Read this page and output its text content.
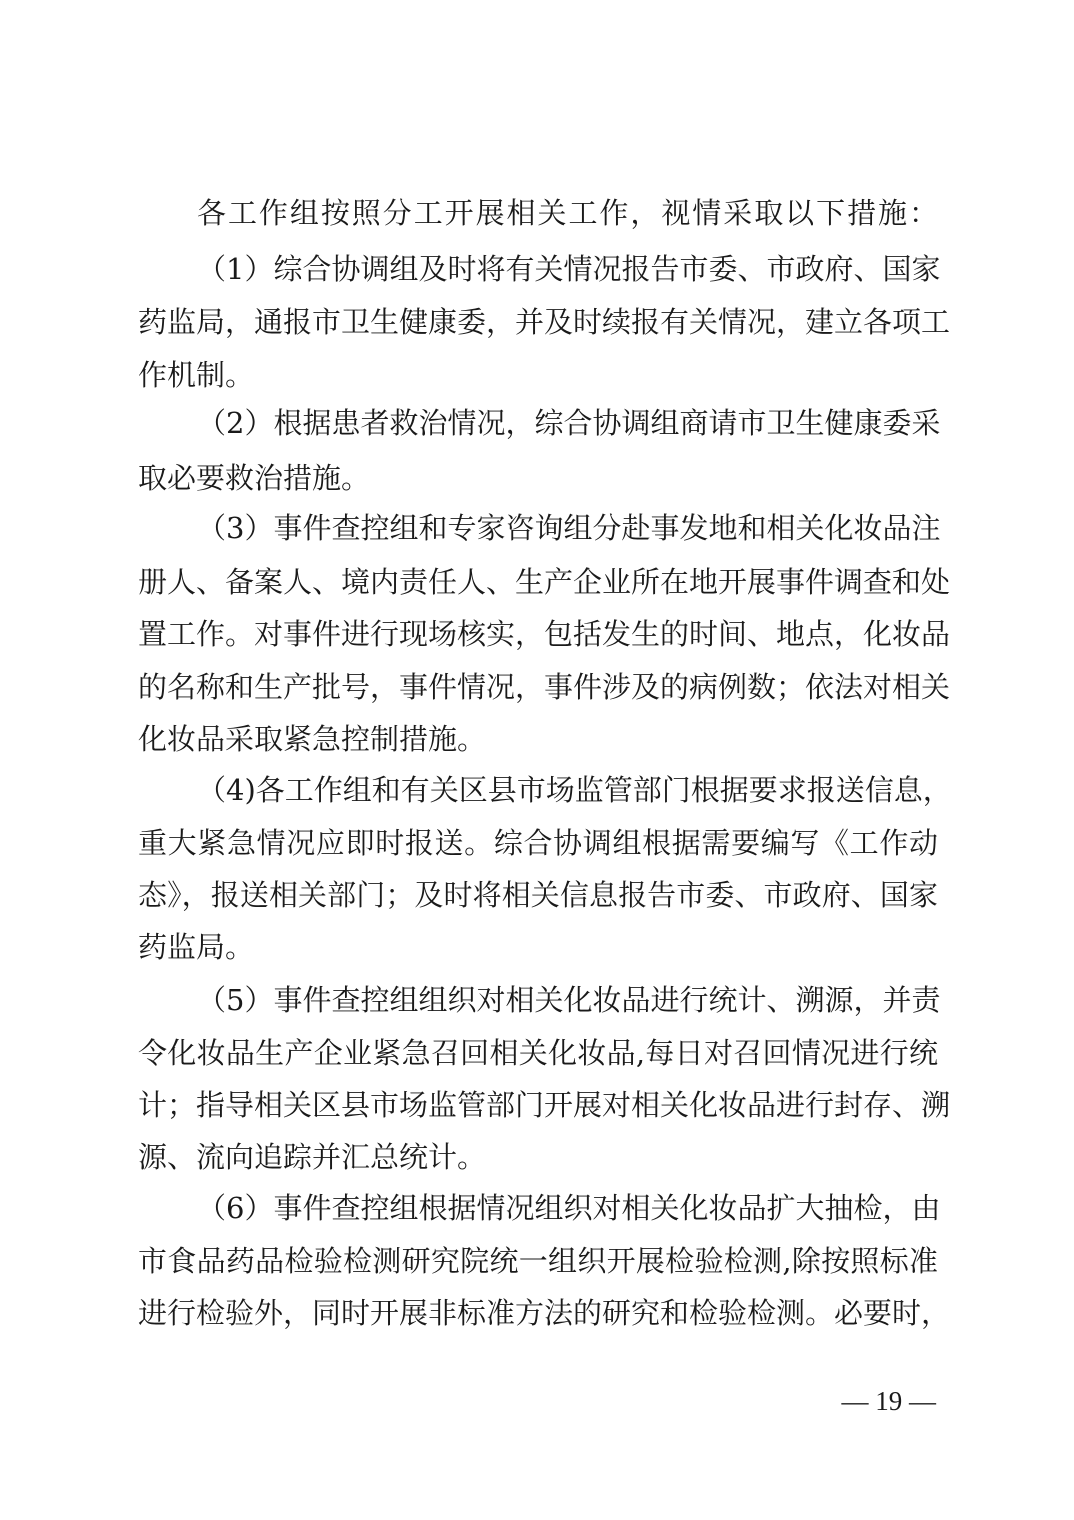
各工作组按照分工开展相关工作，视情采取以下措施：
（1）综合协调组及时将有关情况报告市委、市政府、国家
药监局，通报市卫生健康委，并及时续报有关情况，建立各项工
作机制。
（2）根据患者救治情况，综合协调组商请市卫生健康委采
取必要救治措施。
（3）事件查控组和专家咨询组分赴事发地和相关化妆品注
册人、备案人、境内责任人、生产企业所在地开展事件调查和处
置工作。对事件进行现场核实，包括发生的时间、地点，化妆品
的名称和生产批号，事件情况，事件涉及的病例数；依法对相关
化妆品采取紧急控制措施。
（4)各工作组和有关区县市场监管部门根据要求报送信息，
重大紧急情况应即时报送。综合协调组根据需要编写《工作动
态》，报送相关部门；及时将相关信息报告市委、市政府、国家
药监局。
（5）事件查控组组织对相关化妆品进行统计、溯源，并责
令化妆品生产企业紧急召回相关化妆品,每日对召回情况进行统
计；指导相关区县市场监管部门开展对相关化妆品进行封存、溯
源、流向追踪并汇总统计。
（6）事件查控组根据情况组织对相关化妆品扩大抽检，由
市食品药品检验检测研究院统一组织开展检验检测,除按照标准
进行检验外，同时开展非标准方法的研究和检验检测。必要时，
— 19 —
